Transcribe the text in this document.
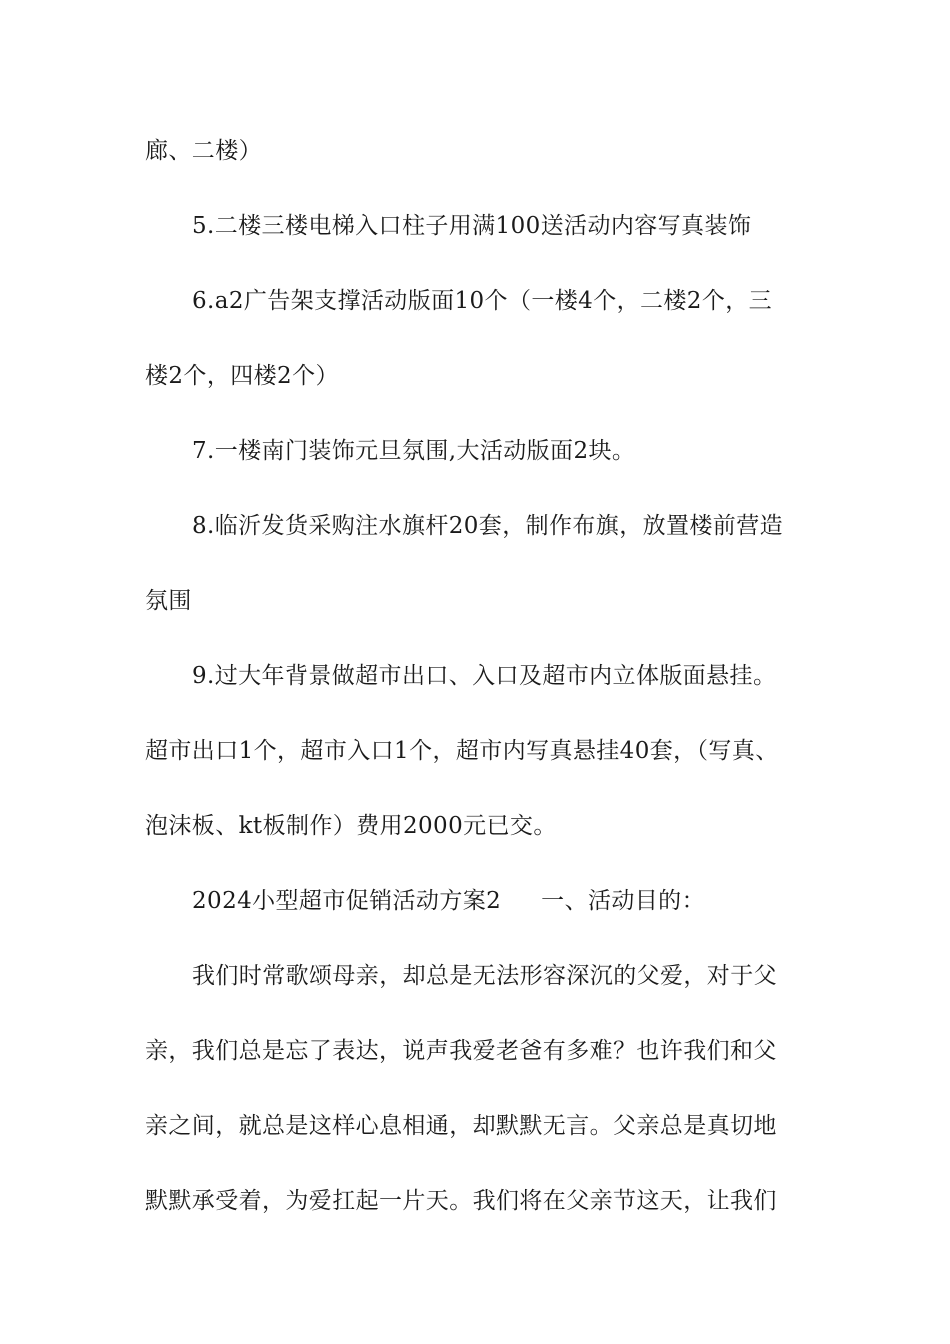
廊、二楼）
5.二楼三楼电梯入口柱子用满100送活动内容写真装饰
6.a2广告架支撑活动版面10个（一楼4个，二楼2个，三
楼2个，四楼2个）
7.一楼南门装饰元旦氛围,大活动版面2块。
8.临沂发货采购注水旗杆20套，制作布旗，放置楼前营造
氛围
9.过大年背景做超市出口、入口及超市内立体版面悬挂。
超市出口1个，超市入口1个，超市内写真悬挂40套，（写真、
泡沫板、kt板制作）费用2000元已交。
2024小型超市促销活动方案2 一、活动目的：
我们时常歌颂母亲，却总是无法形容深沉的父爱，对于父
亲，我们总是忘了表达，说声我爱老爸有多难？也许我们和父
亲之间，就总是这样心息相通，却默默无言。父亲总是真切地
默默承受着，为爱扛起一片天。我们将在父亲节这天，让我们
